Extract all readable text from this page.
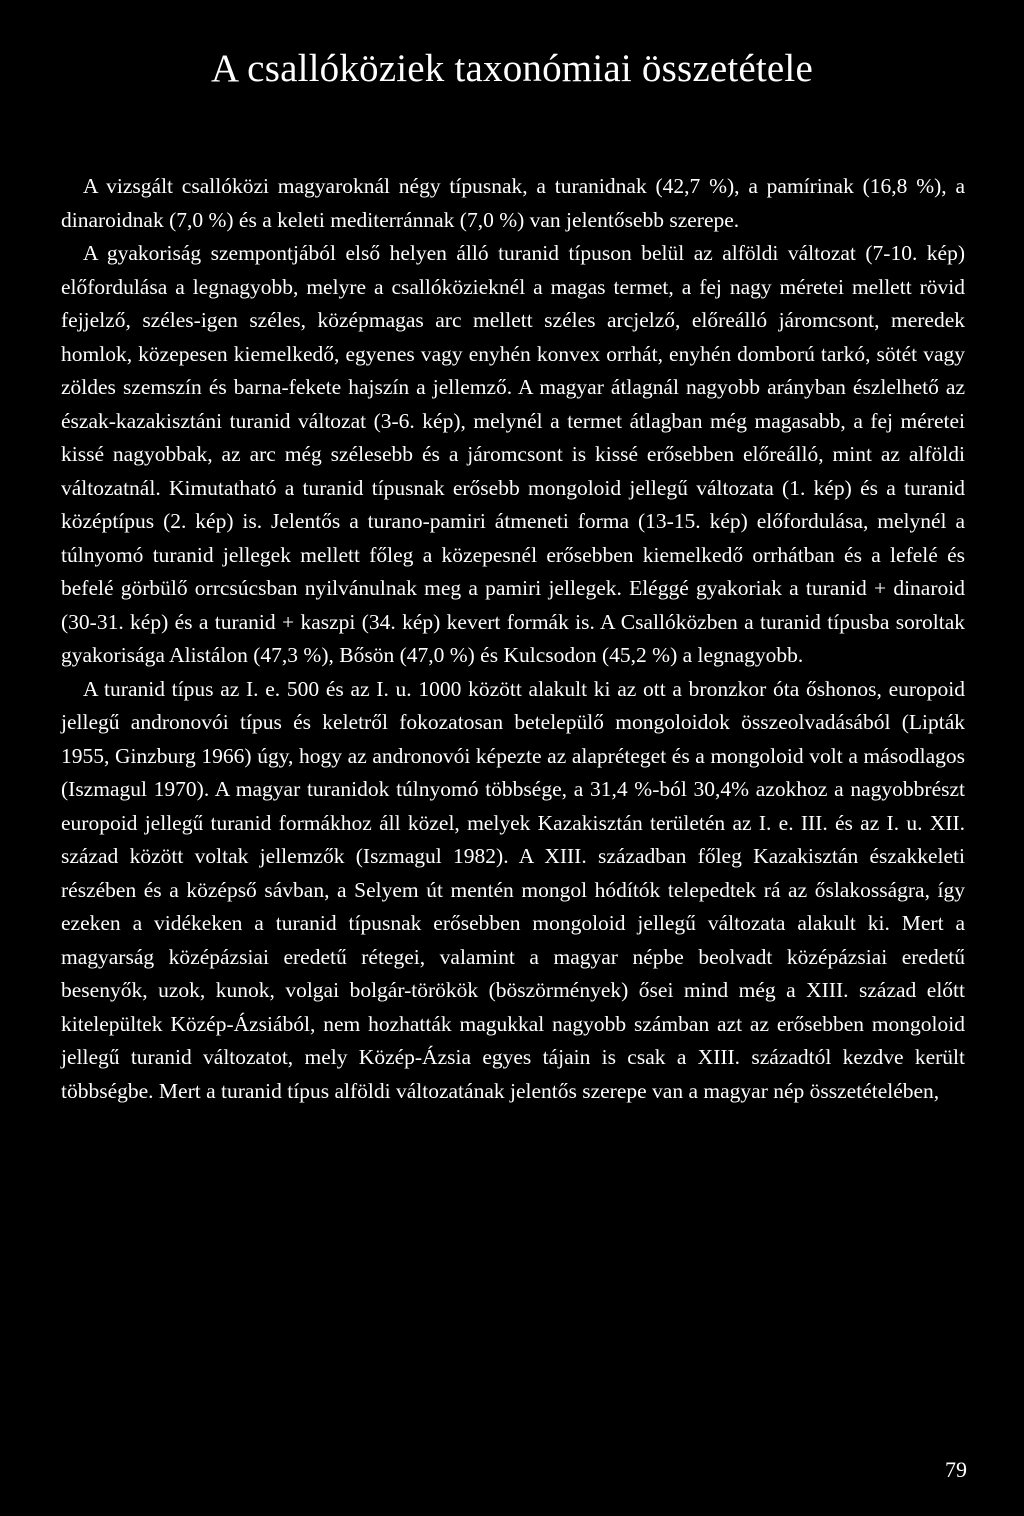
A csallóköziek taxonómiai összetétele

A vizsgált csallóközi magyaroknál négy típusnak, a turanidnak (42,7 %), a pamírinak (16,8 %), a dinaroidnak (7,0 %) és a keleti mediterránnak (7,0 %) van jelentősebb szerepe.

A gyakoriság szempontjából első helyen álló turanid típuson belül az alföldi változat (7-10. kép) előfordulása a legnagyobb, melyre a csallóközieknél a magas termet, a fej nagy méretei mellett rövid fejjelző, széles-igen széles, középmagas arc mellett széles arcjelző, előreálló járomcsont, meredek homlok, közepesen kiemelkedő, egyenes vagy enyhén konvex orrhát, enyhén domború tarkó, sötét vagy zöldes szemszín és barna-fekete hajszín a jellemző. A magyar átlagnál nagyobb arányban észlelhető az észak-kazakisztáni turanid változat (3-6. kép), melynél a termet átlagban még magasabb, a fej méretei kissé nagyobbak, az arc még szélesebb és a járomcsont is kissé erősebben előreálló, mint az alföldi változatnál. Kimutatható a turanid típusnak erősebb mongoloid jellegű változata (1. kép) és a turanid középtípus (2. kép) is. Jelentős a turano-pamiri átmeneti forma (13-15. kép) előfordulása, melynél a túlnyomó turanid jellegek mellett főleg a közepesnél erősebben kiemelkedő orrhátban és a lefelé és befelé görbülő orrcsúcsban nyilvánulnak meg a pamiri jellegek. Eléggé gyakoriak a turanid + dinaroid (30-31. kép) és a turanid + kaszpi (34. kép) kevert formák is. A Csallóközben a turanid típusba soroltak gyakorisága Alistálon (47,3 %), Bősön (47,0 %) és Kulcsodon (45,2 %) a legnagyobb.

A turanid típus az I. e. 500 és az I. u. 1000 között alakult ki az ott a bronzkor óta őshonos, europoid jellegű andronovói típus és keletről fokozatosan betelepülő mongoloidok összeolvadásából (Lipták 1955, Ginzburg 1966) úgy, hogy az andronovói képezte az alapréteget és a mongoloid volt a másodlagos (Iszmagul 1970). A magyar turanidok túlnyomó többsége, a 31,4 %-ból 30,4% azokhoz a nagyobbrészt europoid jellegű turanid formákhoz áll közel, melyek Kazakisztán területén az I. e. III. és az I. u. XII. század között voltak jellemzők (Iszmagul 1982). A XIII. században főleg Kazakisztán északkeleti részében és a középső sávban, a Selyem út mentén mongol hódítók telepedtek rá az őslakosságra, így ezeken a vidékeken a turanid típusnak erősebben mongoloid jellegű változata alakult ki. Mert a magyarság középázsiai eredetű rétegei, valamint a magyar népbe beolvadt középázsiai eredetű besenyők, uzok, kunok, volgai bolgár-törökök (böszörmények) ősei mind még a XIII. század előtt kitelepültek Közép-Ázsiából, nem hozhatták magukkal nagyobb számban azt az erősebben mongoloid jellegű turanid változatot, mely Közép-Ázsia egyes tájain is csak a XIII. századtól kezdve került többségbe. Mert a turanid típus alföldi változatának jelentős szerepe van a magyar nép összetételében,

79
